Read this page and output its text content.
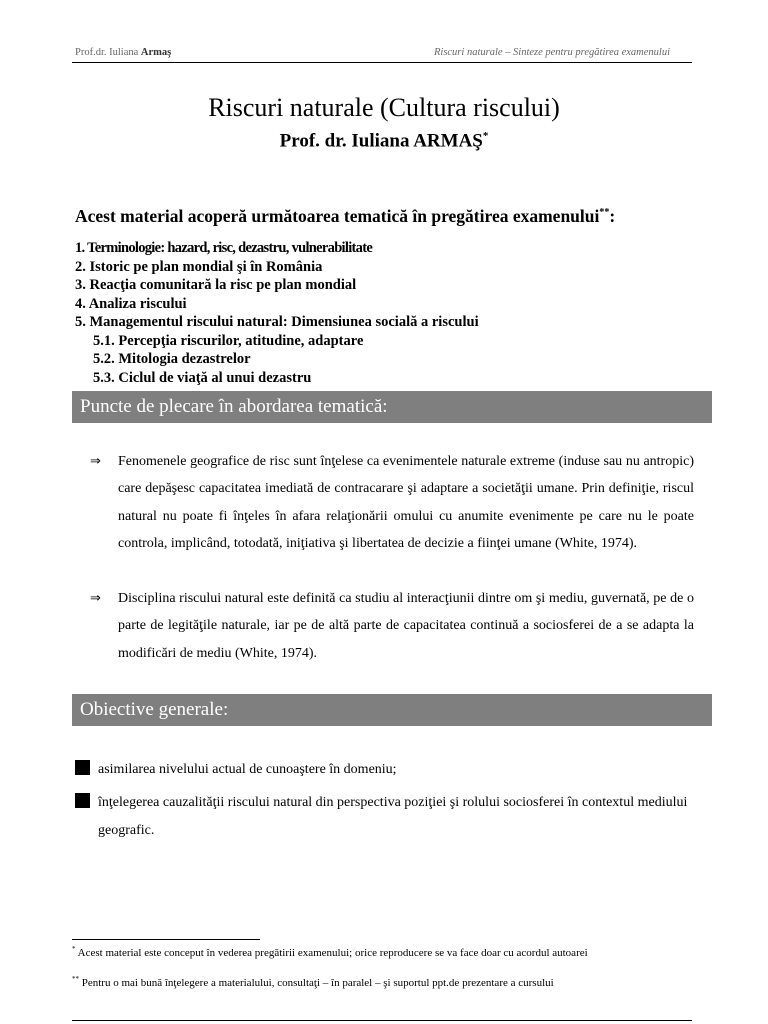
Prof.dr. Iuliana Armaş	Riscuri naturale – Sinteze pentru pregătirea examenului
Riscuri naturale (Cultura riscului)
Prof. dr. Iuliana ARMAŞ*
Acest material acoperă următoarea tematică în pregătirea examenului**:
1. Terminologie: hazard, risc, dezastru, vulnerabilitate
2. Istoric pe plan mondial şi în România
3. Reacţia comunitară la risc pe plan mondial
4. Analiza riscului
5. Managementul riscului natural: Dimensiunea socială a riscului
5.1. Percepţia riscurilor, atitudine, adaptare
5.2. Mitologia dezastrelor
5.3. Ciclul de viaţă al unui dezastru
Puncte de plecare în abordarea tematică:
⇒ Fenomenele geografice de risc sunt înţelese ca evenimentele naturale extreme (induse sau nu antropic) care depăşesc capacitatea imediată de contracarare şi adaptare a societăţii umane. Prin definiţie, riscul natural nu poate fi înţeles în afara relaţionării omului cu anumite evenimente pe care nu le poate controla, implicând, totodată, iniţiativa şi libertatea de decizie a fiinţei umane (White, 1974).
⇒ Disciplina riscului natural este definită ca studiu al interacţiunii dintre om şi mediu, guvernată, pe de o parte de legităţile naturale, iar pe de altă parte de capacitatea continuă a sociosferei de a se adapta la modificări de mediu (White, 1974).
Obiective generale:
asimilarea nivelului actual de cunoaştere în domeniu;
înţelegerea cauzalităţii riscului natural din perspectiva poziţiei şi rolului sociosferei în contextul mediului geografic.
* Acest material este conceput în vederea pregătirii examenului; orice reproducere se va face doar cu acordul autoarei
** Pentru o mai bună înţelegere a materialului, consultaţi – în paralel – şi suportul ppt.de prezentare a cursului
